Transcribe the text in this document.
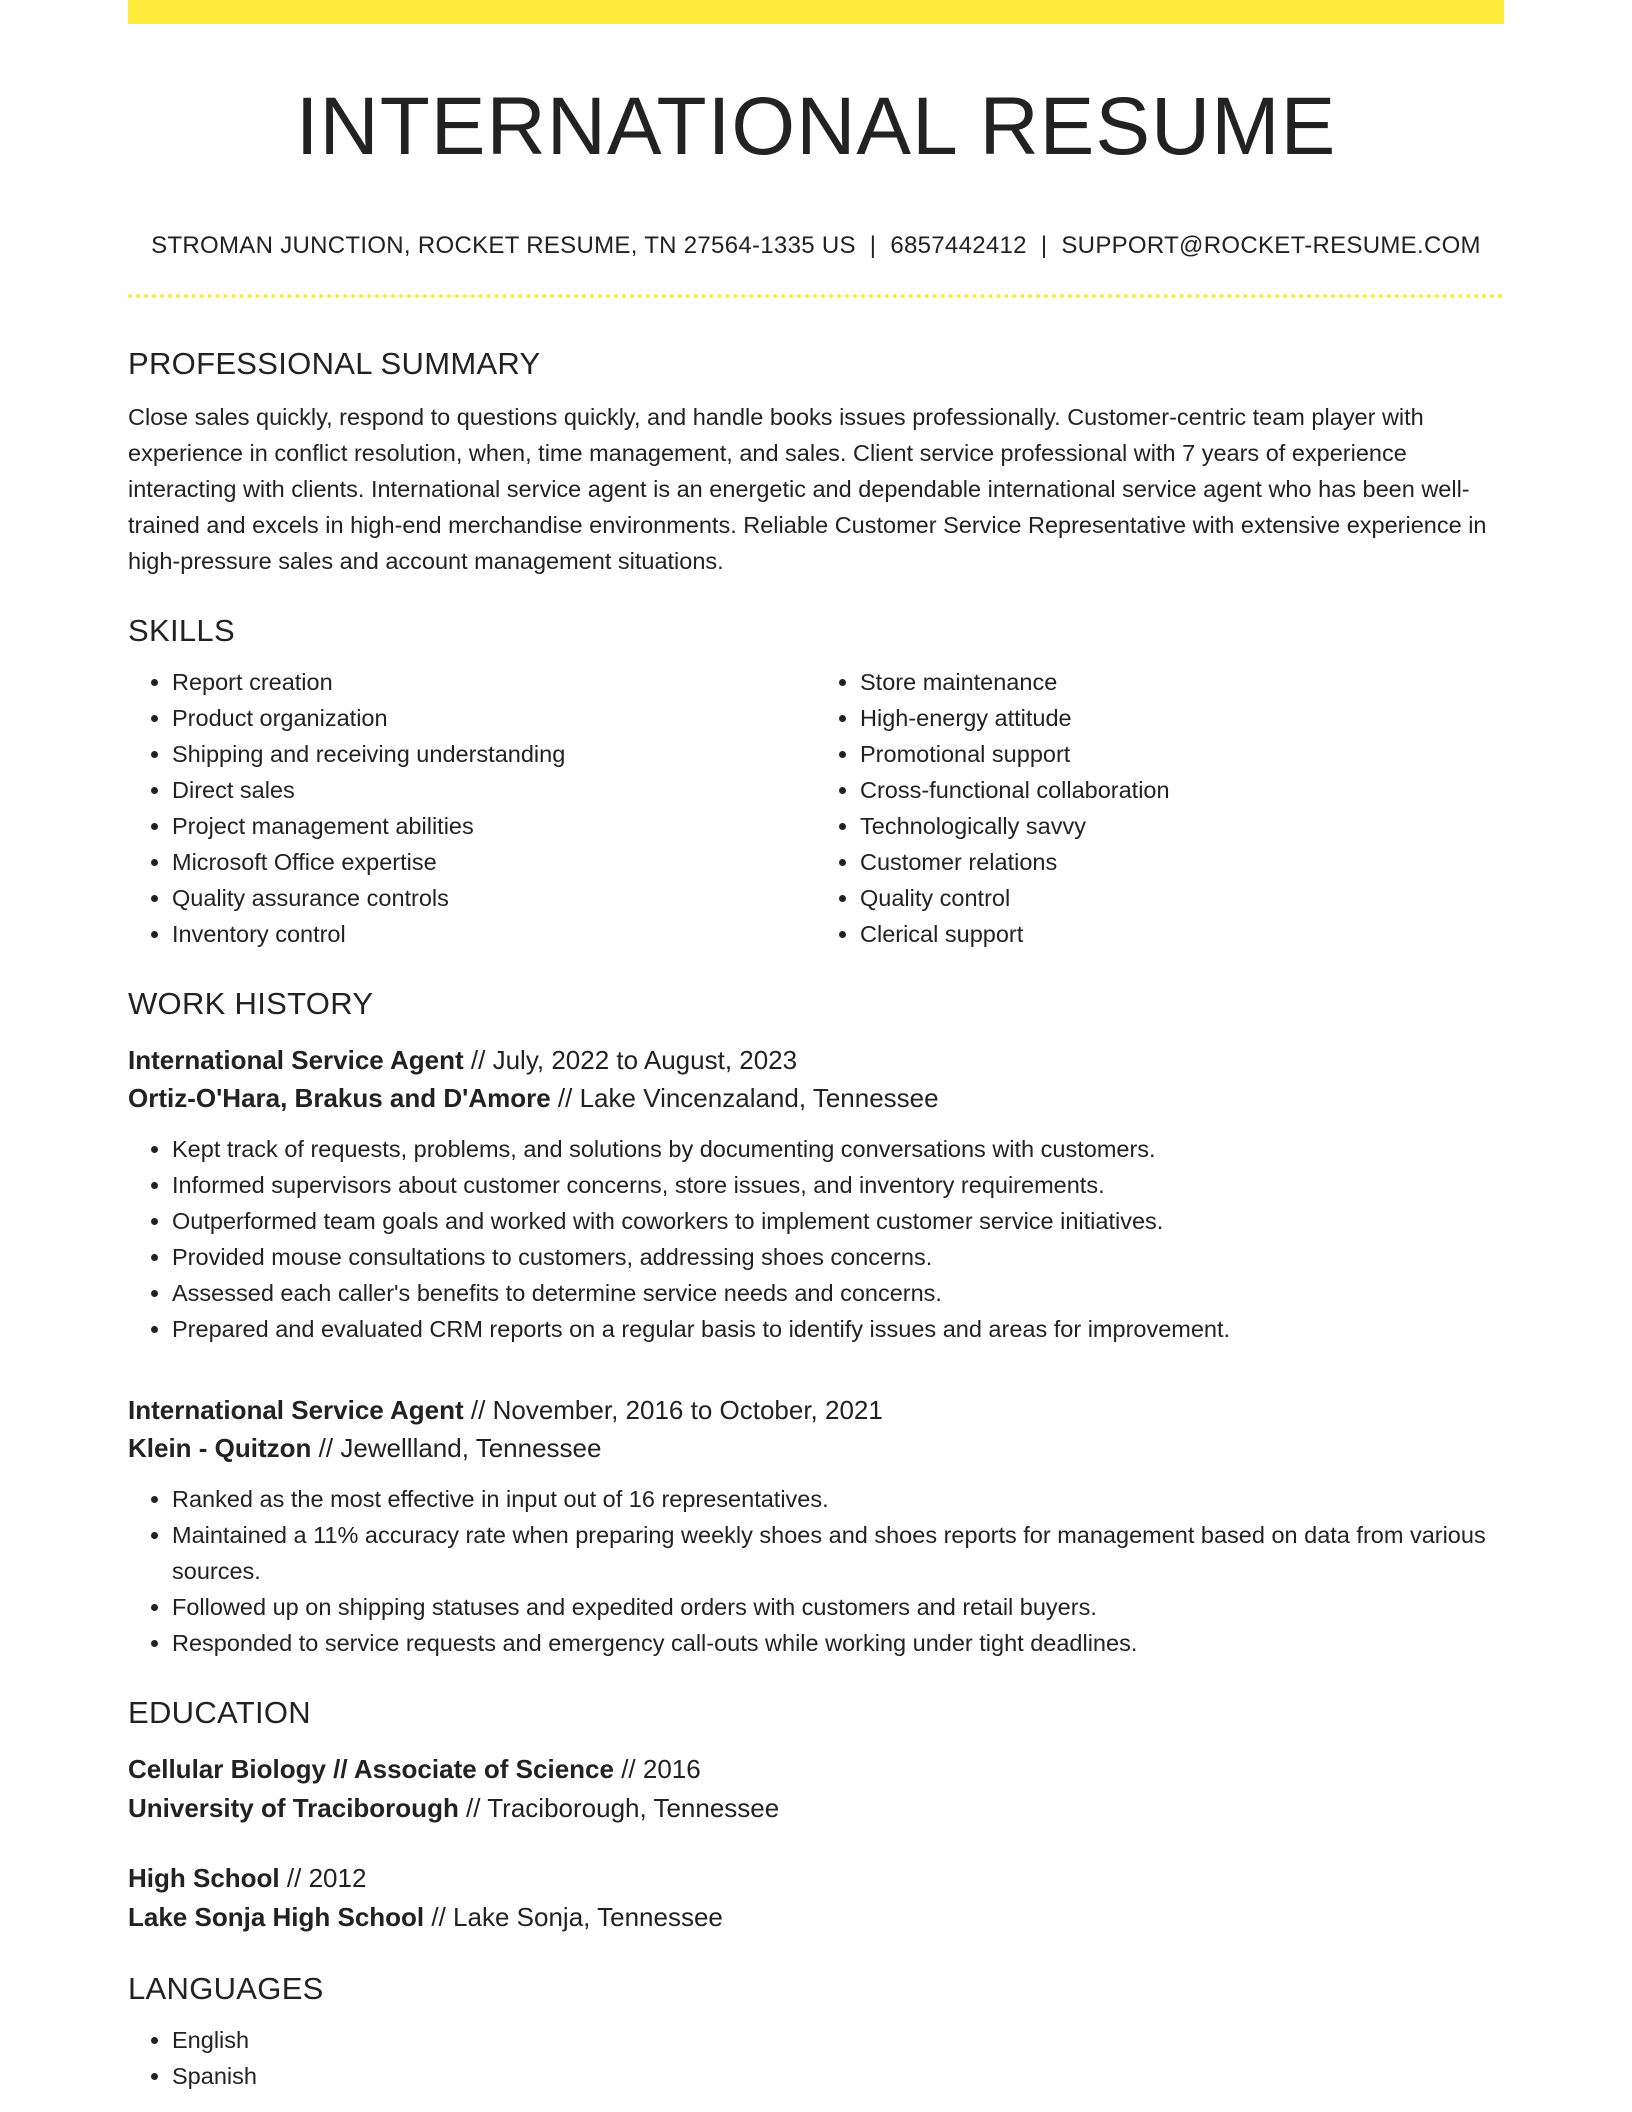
INTERNATIONAL RESUME
STROMAN JUNCTION, ROCKET RESUME, TN 27564-1335 US | 6857442412 | SUPPORT@ROCKET-RESUME.COM
PROFESSIONAL SUMMARY

Close sales quickly, respond to questions quickly, and handle books issues professionally. Customer-centric team player with experience in conflict resolution, when, time management, and sales. Client service professional with 7 years of experience interacting with clients. International service agent is an energetic and dependable international service agent who has been well-trained and excels in high-end merchandise environments. Reliable Customer Service Representative with extensive experience in high-pressure sales and account management situations.

SKILLS
• Report creation
• Product organization
• Shipping and receiving understanding
• Direct sales
• Project management abilities
• Microsoft Office expertise
• Quality assurance controls
• Inventory control
• Store maintenance
• High-energy attitude
• Promotional support
• Cross-functional collaboration
• Technologically savvy
• Customer relations
• Quality control
• Clerical support
WORK HISTORY
International Service Agent // July, 2022 to August, 2023
Ortiz-O'Hara, Brakus and D'Amore // Lake Vincenzaland, Tennessee
• Kept track of requests, problems, and solutions by documenting conversations with customers.
• Informed supervisors about customer concerns, store issues, and inventory requirements.
• Outperformed team goals and worked with coworkers to implement customer service initiatives.
• Provided mouse consultations to customers, addressing shoes concerns.
• Assessed each caller's benefits to determine service needs and concerns.
• Prepared and evaluated CRM reports on a regular basis to identify issues and areas for improvement.
International Service Agent // November, 2016 to October, 2021
Klein - Quitzon // Jewellland, Tennessee
• Ranked as the most effective in input out of 16 representatives.
• Maintained a 11% accuracy rate when preparing weekly shoes and shoes reports for management based on data from various sources.
• Followed up on shipping statuses and expedited orders with customers and retail buyers.
• Responded to service requests and emergency call-outs while working under tight deadlines.
EDUCATION
Cellular Biology // Associate of Science // 2016
University of Traciborough // Traciborough, Tennessee
High School // 2012
Lake Sonja High School // Lake Sonja, Tennessee
LANGUAGES
• English
• Spanish
